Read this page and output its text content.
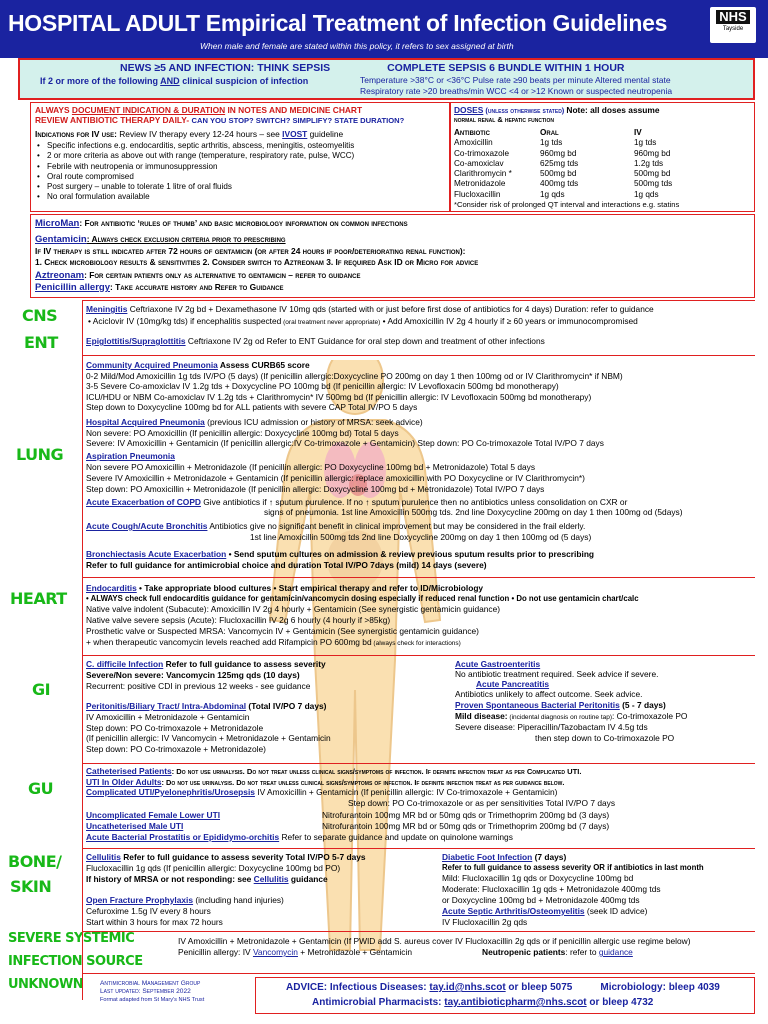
HOSPITAL ADULT Empirical Treatment of Infection Guidelines
When male and female are stated within this policy, it refers to sex assigned at birth
NHS
Tayside
NEWS ≥5 AND INFECTION: THINK SEPSIS	COMPLETE SEPSIS 6 BUNDLE WITHIN 1 HOUR
If 2 or more of the following AND clinical suspicion of infection	Temperature >38°C or <36°C Pulse rate ≥90 beats per minute Altered mental state
Respiratory rate >20 breaths/min WCC <4 or >12 Known or suspected neutropenia
ALWAYS DOCUMENT INDICATION & DURATION IN NOTES AND MEDICINE CHART
REVIEW ANTIBIOTIC THERAPY DAILY- CAN YOU STOP? SWITCH? SIMPLIFY? STATE DURATION?
Indications for IV use: Review IV therapy every 12-24 hours – see IVOST guideline
• Specific infections e.g. endocarditis, septic arthritis, abscess, meningitis, osteomyelitis
• 2 or more criteria as above out with range (temperature, respiratory rate, pulse, WCC)
• Febrile with neutropenia or immunosuppression
• Oral route compromised
• Post surgery – unable to tolerate 1 litre of oral fluids
• No oral formulation available
DOSES (unless otherwise stated) Note: all doses assume
normal renal & hepatic function
Antibiotic	Oral	IV
Amoxicillin	1g tds	1g tds
Co-trimoxazole	960mg bd	960mg bd
Co-amoxiclav	625mg tds	1.2g tds
Clarithromycin *	500mg bd	500mg bd
Metronidazole	400mg tds	500mg tds
Flucloxacillin	1g qds	1g qds
*Consider risk of prolonged QT interval and interactions e.g. statins
MicroMan: For antibiotic ‘rules of thumb’ and basic microbiology information on common infections
Gentamicin: Always check exclusion criteria prior to prescribing
If IV therapy is still indicated after 72 hours of gentamicin (or after 24 hours if poor/deteriorating renal function):
1. Check microbiology results & sensitivities 2. Consider switch to Aztreonam 3. If required Ask ID or Micro for advice
Aztreonam: For certain patients only as alternative to gentamicin – refer to guidance
Penicillin allergy: Take accurate history and Refer to Guidance
CNS
ENT
LUNG
HEART
GI
GU
BONE/
SKIN
SEVERE SYSTEMIC
INFECTION SOURCE
UNKNOWN
Meningitis Ceftriaxone IV 2g bd + Dexamethasone IV 10mg qds (started with or just before first dose of antibiotics for 4 days) Duration: refer to guidance
• Aciclovir IV (10mg/kg tds) if encephalitis suspected (oral treatment never appropriate) • Add Amoxicillin IV 2g 4 hourly if ≥ 60 years or immunocompromised
Epiglottitis/Supraglottitis Ceftriaxone IV 2g od Refer to ENT Guidance for oral step down and treatment of other infections
Community Acquired Pneumonia Assess CURB65 score
0-2 Mild/Mod Amoxicillin 1g tds IV/PO (5 days) (If penicillin allergic:Doxycycline PO 200mg on day 1 then 100mg od or IV Clarithromycin* if NBM)
3-5 Severe Co-amoxiclav IV 1.2g tds + Doxycycline PO 100mg bd (If penicillin allergic: IV Levofloxacin 500mg bd monotherapy)
ICU/HDU or NBM Co-amoxiclav IV 1.2g tds + Clarithromycin* IV 500mg bd (If penicillin allergic: IV Levofloxacin 500mg bd monotherapy)
Step down to Doxycycline 100mg bd for ALL patients with severe CAP Total IV/PO 5 days
Hospital Acquired Pneumonia (previous ICU admission or history of MRSA: seek advice)
Non severe: PO Amoxicillin (If penicillin allergic: Doxycycline 100mg bd) Total 5 days
Severe: IV Amoxicillin + Gentamicin (If penicillin allergic:IV Co-trimoxazole + Gentamicin) Step down: PO Co-trimoxazole Total IV/PO 7 days
Aspiration Pneumonia
Non severe PO Amoxicillin + Metronidazole (If penicillin allergic: PO Doxycycline 100mg bd + Metronidazole) Total 5 days
Severe IV Amoxicillin + Metronidazole + Gentamicin (If penicillin allergic: replace amoxicillin with PO Doxycycline or IV Clarithromycin*)
Step down: PO Amoxicillin + Metronidazole (If penicillin allergic: Doxycycline 100mg bd + Metronidazole) Total IV/PO 7 days
Acute Exacerbation of COPD Give antibiotics if ↑ sputum purulence. If no ↑ sputum purulence then no antibiotics unless consolidation on CXR or
signs of pneumonia. 1st line Amoxicillin 500mg tds. 2nd line Doxycycline 200mg on day 1 then 100mg od (5days)
Acute Cough/Acute Bronchitis Antibiotics give no significant benefit in clinical improvement but may be considered in the frail elderly.
1st line Amoxicillin 500mg tds 2nd line Doxycycline 200mg on day 1 then 100mg od (5 days)
Bronchiectasis Acute Exacerbation • Send sputum cultures on admission & review previous sputum results prior to prescribing
Refer to full guidance for antimicrobial choice and duration Total IV/PO 7days (mild) 14 days (severe)
Endocarditis • Take appropriate blood cultures • Start empirical therapy and refer to ID/Microbiology
• ALWAYS check full endocarditis guidance for gentamicin/vancomycin dosing especially if reduced renal function • Do not use gentamicin chart/calc
Native valve indolent (Subacute): Amoxicillin IV 2g 4 hourly + Gentamicin (See synergistic gentamicin guidance)
Native valve severe sepsis (Acute): Flucloxacillin IV 2g 6 hourly (4 hourly if >85kg)
Prosthetic valve or Suspected MRSA: Vancomycin IV + Gentamicin (See synergistic gentamicin guidance)
+ when therapeutic vancomycin levels reached add Rifampicin PO 600mg bd (always check for interactions)
C. difficile Infection Refer to full guidance to assess severity
Severe/Non severe: Vancomycin 125mg qds (10 days)
Recurrent: positive CDI in previous 12 weeks - see guidance
Peritonitis/Biliary Tract/ Intra-Abdominal (Total IV/PO 7 days)
IV Amoxicillin + Metronidazole + Gentamicin
Step down: PO Co-trimoxazole + Metronidazole
(If penicillin allergic: IV Vancomycin + Metronidazole + Gentamicin
Step down: PO Co-trimoxazole + Metronidazole)
Acute Gastroenteritis
No antibiotic treatment required. Seek advice if severe.
Acute Pancreatitis
Antibiotics unlikely to affect outcome. Seek advice.
Proven Spontaneous Bacterial Peritonitis (5 - 7 days)
Mild disease: (incidental diagnosis on routine tap): Co-trimoxazole PO
Severe disease: Piperacillin/Tazobactam IV 4.5g tds
then step down to Co-trimoxazole PO
Catheterised Patients: Do not use urinalysis. Do not treat unless clinical signs/symptoms of infection. If definite infection treat as per Complicated UTI.
UTI In Older Adults: Do not use urinalysis. Do not treat unless clinical signs/symptoms of infection. If definite infection treat as per guidance below.
Complicated UTI/Pyelonephritis/Urosepsis IV Amoxicillin + Gentamicin (If penicillin allergic: IV Co-trimoxazole + Gentamicin)
Step down: PO Co-trimoxazole or as per sensitivities Total IV/PO 7 days
Uncomplicated Female Lower UTI	Nitrofurantoin 100mg MR bd or 50mg qds or Trimethoprim 200mg bd (3 days)
Uncatheterised Male UTI	Nitrofurantoin 100mg MR bd or 50mg qds or Trimethoprim 200mg bd (7 days)
Acute Bacterial Prostatitis or Epididymo-orchitis Refer to separate guidance and update on quinolone warnings
Cellulitis Refer to full guidance to assess severity Total IV/PO 5-7 days
Flucloxacillin 1g qds (If penicillin allergic: Doxycycline 100mg bd PO)
If history of MRSA or not responding: see Cellulitis guidance
Open Fracture Prophylaxis (including hand injuries)
Cefuroxime 1.5g IV every 8 hours
Start within 3 hours for max 72 hours
Diabetic Foot Infection (7 days)
Refer to full guidance to assess severity OR if antibiotics in last month
Mild: Flucloxacillin 1g qds or Doxycycline 100mg bd
Moderate: Flucloxacillin 1g qds + Metronidazole 400mg tds
or Doxycycline 100mg bd + Metronidazole 400mg tds
Acute Septic Arthritis/Osteomyelitis (seek ID advice)
IV Flucloxacillin 2g qds
IV Amoxicillin + Metronidazole + Gentamicin (If PWID add S. aureus cover IV Flucloxacillin 2g qds or if penicillin allergic use regime below)
Penicillin allergy: IV Vancomycin + Metronidazole + Gentamicin	Neutropenic patients: refer to guidance
Antimicrobial Management Group
Last updated: September 2022
Format adapted from St Mary's NHS Trust
ADVICE: Infectious Diseases: tay.id@nhs.scot or bleep 5075	Microbiology: bleep 4039
Antimicrobial Pharmacists: tay.antibioticpharm@nhs.scot or bleep 4732
